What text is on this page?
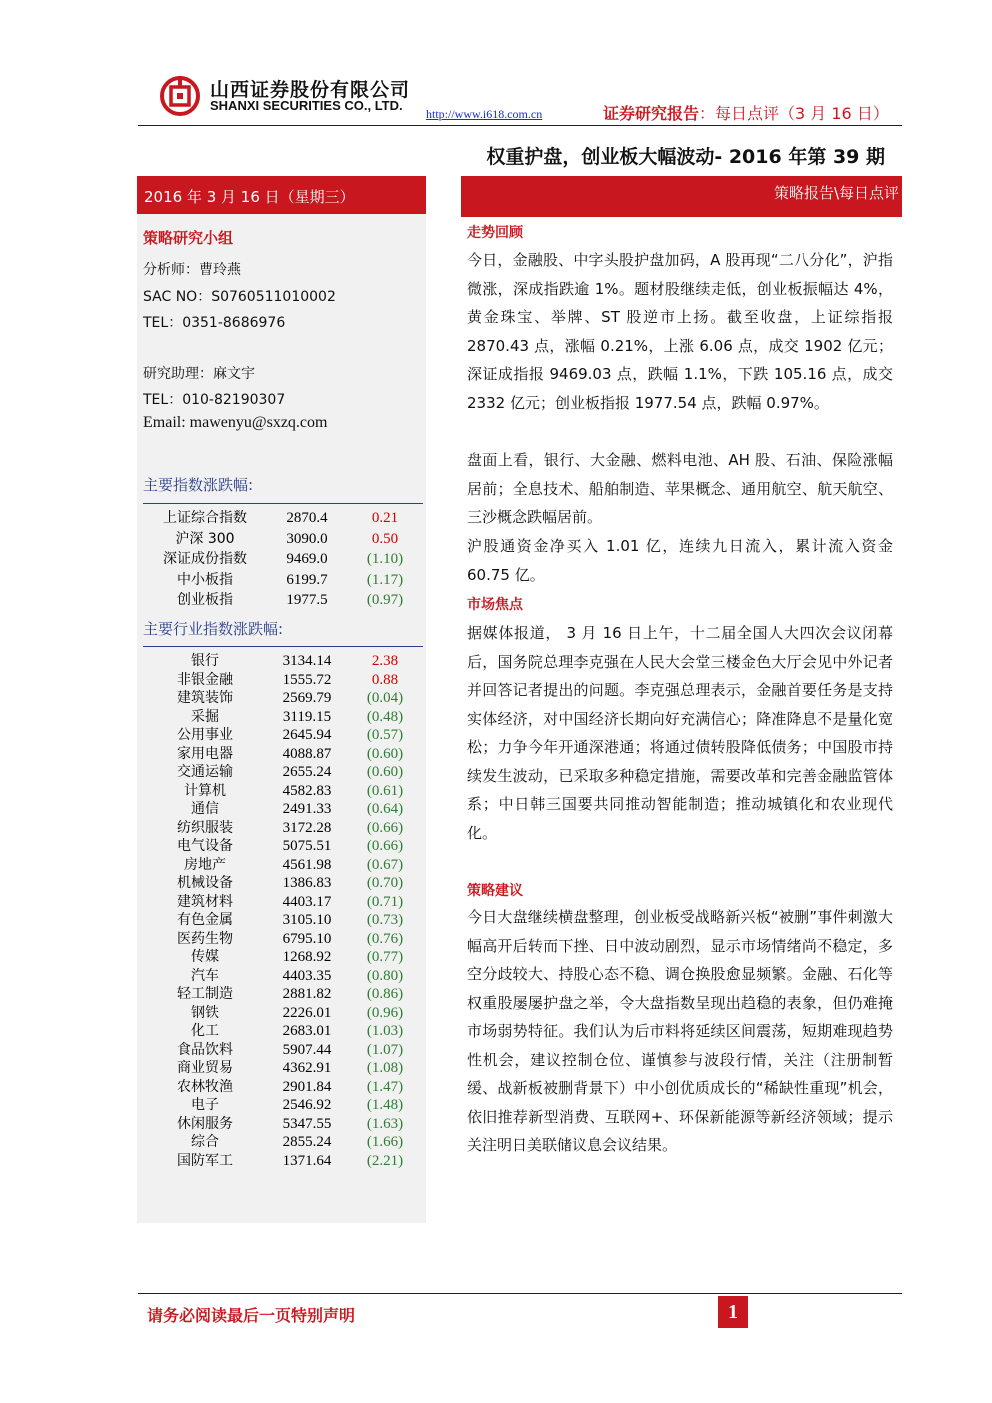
山西证券股份有限公司
SHANXI SECURITIES CO., LTD.
http://www.i618.com.cn	证券研究报告：每日点评（3 月 16 日）
权重护盘，创业板大幅波动- 2016 年第 39 期
2016 年 3 月 16 日（星期三）
策略研究小组
分析师：曹玲燕
SAC NO：S0760511010002
TEL：0351-8686976
研究助理：麻文宇
TEL：010-82190307
Email: mawenyu@sxzq.com
主要指数涨跌幅:
上证综合指数	2870.4	0.21
沪深 300	3090.0	0.50
深证成份指数	9469.0	(1.10)
中小板指	6199.7	(1.17)
创业板指	1977.5	(0.97)
主要行业指数涨跌幅:
银行	3134.14	2.38
非银金融	1555.72	0.88
建筑装饰	2569.79	(0.04)
采掘	3119.15	(0.48)
公用事业	2645.94	(0.57)
家用电器	4088.87	(0.60)
交通运输	2655.24	(0.60)
计算机	4582.83	(0.61)
通信	2491.33	(0.64)
纺织服装	3172.28	(0.66)
电气设备	5075.51	(0.66)
房地产	4561.98	(0.67)
机械设备	1386.83	(0.70)
建筑材料	4403.17	(0.71)
有色金属	3105.10	(0.73)
医药生物	6795.10	(0.76)
传媒	1268.92	(0.77)
汽车	4403.35	(0.80)
轻工制造	2881.82	(0.86)
钢铁	2226.01	(0.96)
化工	2683.01	(1.03)
食品饮料	5907.44	(1.07)
商业贸易	4362.91	(1.08)
农林牧渔	2901.84	(1.47)
电子	2546.92	(1.48)
休闲服务	5347.55	(1.63)
综合	2855.24	(1.66)
国防军工	1371.64	(2.21)
策略报告\每日点评
走势回顾
今日，金融股、中字头股护盘加码，A 股再现“二八分化”，沪指微涨，深成指跌逾 1%。题材股继续走低，创业板振幅达 4%，黄金珠宝、举牌、ST 股逆市上扬。截至收盘，上证综指报 2870.43 点，涨幅 0.21%，上涨 6.06 点，成交 1902 亿元；深证成指报 9469.03 点，跌幅 1.1%，下跌 105.16 点，成交 2332 亿元；创业板指报 1977.54 点，跌幅 0.97%。
盘面上看，银行、大金融、燃料电池、AH 股、石油、保险涨幅居前；全息技术、船舶制造、苹果概念、通用航空、航天航空、三沙概念跌幅居前。
沪股通资金净买入 1.01 亿，连续九日流入，累计流入资金 60.75 亿。
市场焦点
据媒体报道， 3 月 16 日上午，十二届全国人大四次会议闭幕后，国务院总理李克强在人民大会堂三楼金色大厅会见中外记者并回答记者提出的问题。李克强总理表示，金融首要任务是支持实体经济，对中国经济长期向好充满信心；降准降息不是量化宽松；力争今年开通深港通；将通过债转股降低债务；中国股市持续发生波动，已采取多种稳定措施，需要改革和完善金融监管体系；中日韩三国要共同推动智能制造；推动城镇化和农业现代化。
策略建议
今日大盘继续横盘整理，创业板受战略新兴板“被删”事件刺激大幅高开后转而下挫、日中波动剧烈，显示市场情绪尚不稳定，多空分歧较大、持股心态不稳、调仓换股愈显频繁。金融、石化等权重股屡屡护盘之举，令大盘指数呈现出趋稳的表象，但仍难掩市场弱势特征。我们认为后市料将延续区间震荡，短期难现趋势性机会，建议控制仓位、谨慎参与波段行情，关注（注册制暂缓、战新板被删背景下）中小创优质成长的“稀缺性重现”机会，依旧推荐新型消费、互联网+、环保新能源等新经济领域；提示关注明日美联储议息会议结果。
请务必阅读最后一页特别声明	1
